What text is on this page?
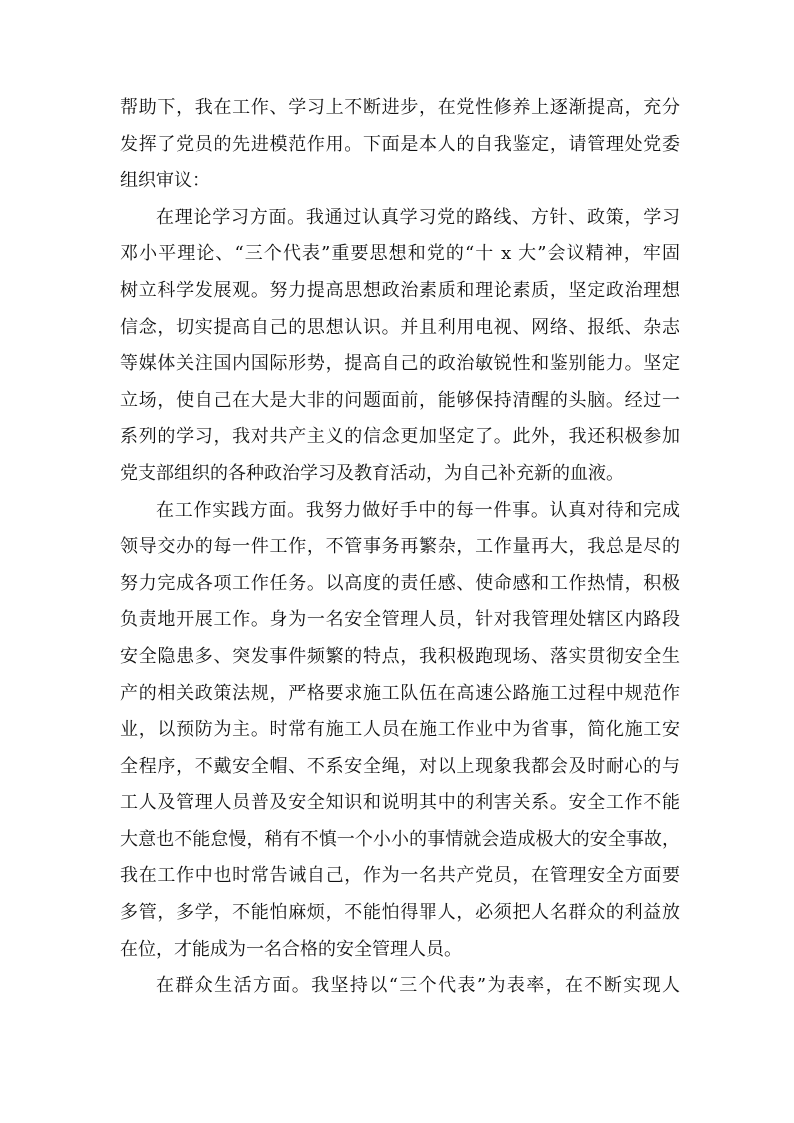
帮助下，我在工作、学习上不断进步，在党性修养上逐渐提高，充分
发挥了党员的先进模范作用。下面是本人的自我鉴定，请管理处党委
组织审议：
在理论学习方面。我通过认真学习党的路线、方针、政策，学习
邓小平理论、“三个代表”重要思想和党的“十 x 大”会议精神，牢固
树立科学发展观。努力提高思想政治素质和理论素质，坚定政治理想
信念，切实提高自己的思想认识。并且利用电视、网络、报纸、杂志
等媒体关注国内国际形势，提高自己的政治敏锐性和鉴别能力。坚定
立场，使自己在大是大非的问题面前，能够保持清醒的头脑。经过一
系列的学习，我对共产主义的信念更加坚定了。此外，我还积极参加
党支部组织的各种政治学习及教育活动，为自己补充新的血液。
在工作实践方面。我努力做好手中的每一件事。认真对待和完成
领导交办的每一件工作，不管事务再繁杂，工作量再大，我总是尽的
努力完成各项工作任务。以高度的责任感、使命感和工作热情，积极
负责地开展工作。身为一名安全管理人员，针对我管理处辖区内路段
安全隐患多、突发事件频繁的特点，我积极跑现场、落实贯彻安全生
产的相关政策法规，严格要求施工队伍在高速公路施工过程中规范作
业，以预防为主。时常有施工人员在施工作业中为省事，简化施工安
全程序，不戴安全帽、不系安全绳，对以上现象我都会及时耐心的与
工人及管理人员普及安全知识和说明其中的利害关系。安全工作不能
大意也不能怠慢，稍有不慎一个小小的事情就会造成极大的安全事故，
我在工作中也时常告诫自己，作为一名共产党员，在管理安全方面要
多管，多学，不能怕麻烦，不能怕得罪人，必须把人名群众的利益放
在位，才能成为一名合格的安全管理人员。
在群众生活方面。我坚持以“三个代表”为表率，在不断实现人
